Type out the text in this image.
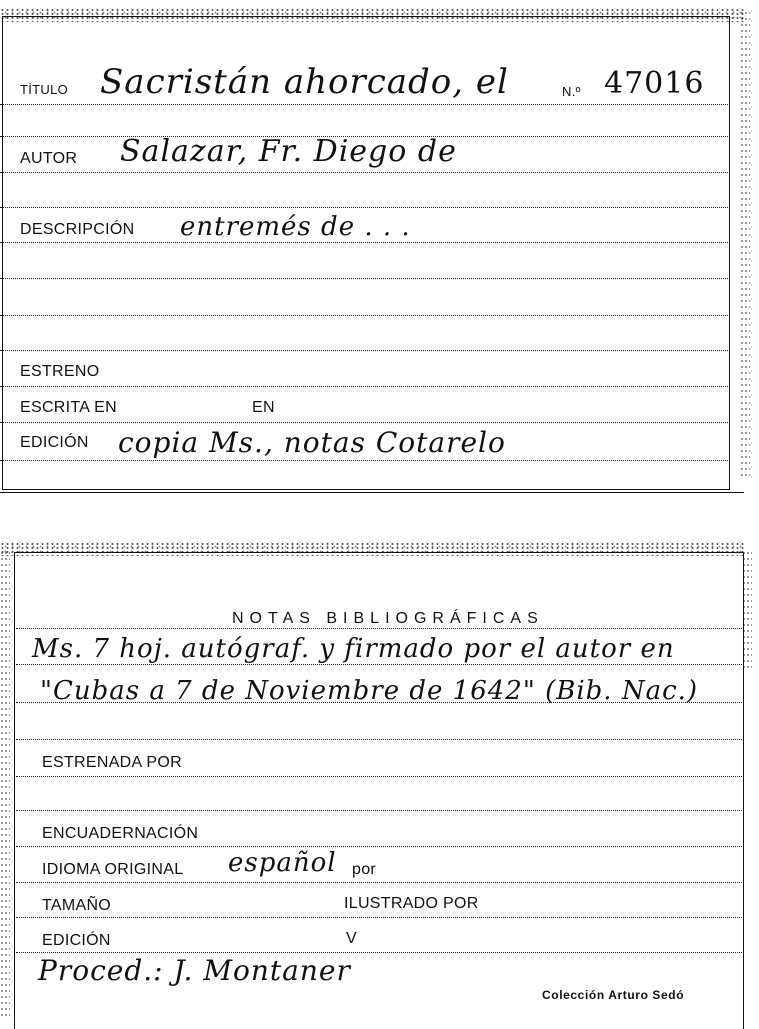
TÍTULO Sacristán ahorcado, el	N.º 47016
AUTOR Salazar, Fr. Diego de
DESCRIPCIÓN entremés de . . .
ESTRENO
ESCRITA EN	EN
EDICIÓN copia Ms., notas Cotarelo
NOTAS BIBLIOGRÁFICAS
Ms. 7 hoj. autógraf. y firmado por el autor en
"Cubas a 7 de Noviembre de 1642" (Bib. Nac.)
ESTRENADA POR
ENCUADERNACIÓN
IDIOMA ORIGINAL español por
TAMAÑO	ILUSTRADO POR
EDICIÓN	V
Proced.: J. Montaner
Colección Arturo Sedó
